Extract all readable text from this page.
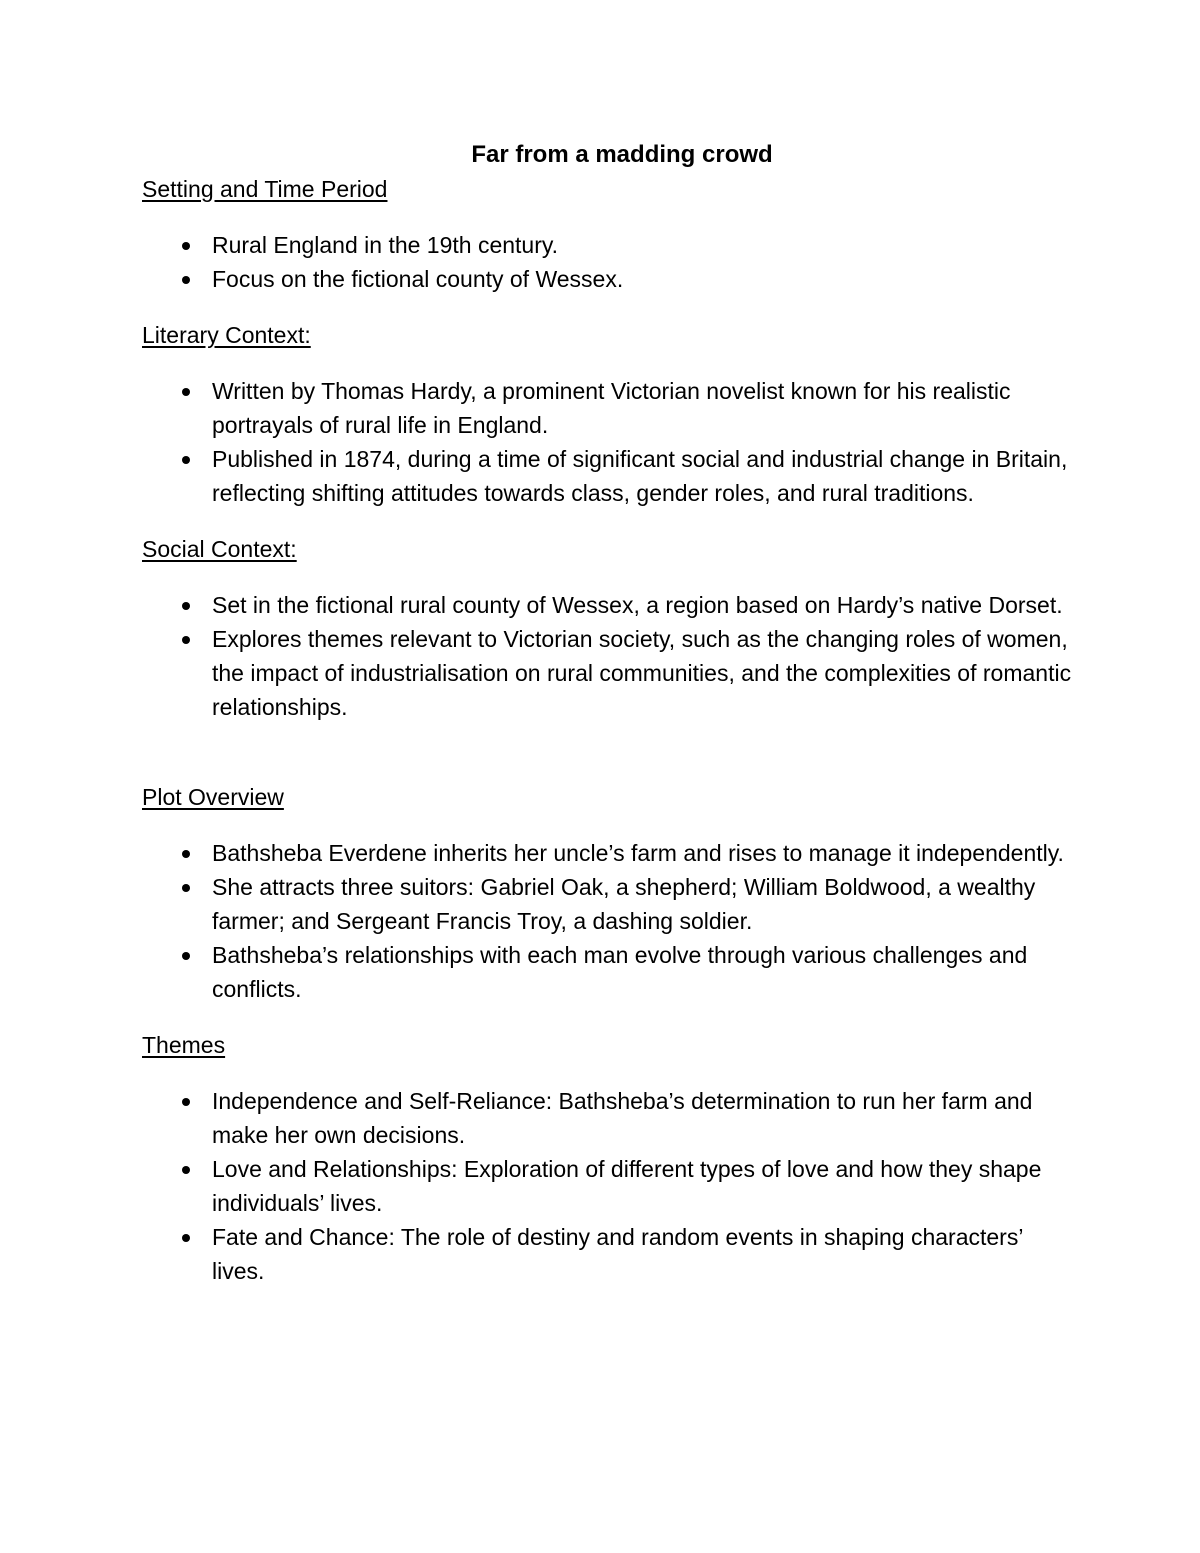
Far from a madding crowd
Setting and Time Period
Rural England in the 19th century.
Focus on the fictional county of Wessex.
Literary Context:
Written by Thomas Hardy, a prominent Victorian novelist known for his realistic portrayals of rural life in England.
Published in 1874, during a time of significant social and industrial change in Britain, reflecting shifting attitudes towards class, gender roles, and rural traditions.
Social Context:
Set in the fictional rural county of Wessex, a region based on Hardy’s native Dorset.
Explores themes relevant to Victorian society, such as the changing roles of women, the impact of industrialisation on rural communities, and the complexities of romantic relationships.
Plot Overview
Bathsheba Everdene inherits her uncle’s farm and rises to manage it independently.
She attracts three suitors: Gabriel Oak, a shepherd; William Boldwood, a wealthy farmer; and Sergeant Francis Troy, a dashing soldier.
Bathsheba’s relationships with each man evolve through various challenges and conflicts.
Themes
Independence and Self-Reliance: Bathsheba’s determination to run her farm and make her own decisions.
Love and Relationships: Exploration of different types of love and how they shape individuals’ lives.
Fate and Chance: The role of destiny and random events in shaping characters’ lives.
